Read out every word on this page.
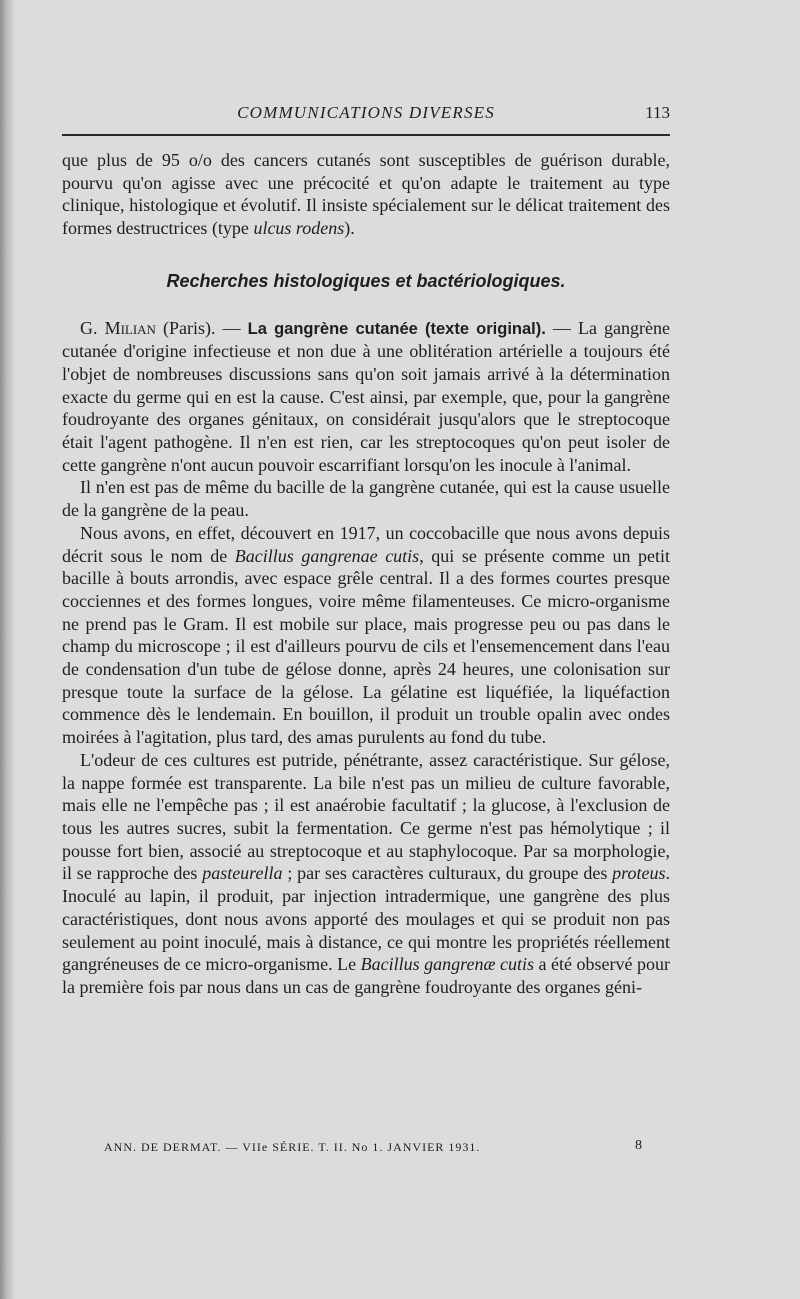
COMMUNICATIONS DIVERSES	113

que plus de 95 o/o des cancers cutanés sont susceptibles de guérison durable, pourvu qu'on agisse avec une précocité et qu'on adapte le traitement au type clinique, histologique et évolutif. Il insiste spécialement sur le délicat traitement des formes destructrices (type ulcus rodens).

Recherches histologiques et bactériologiques.

G. Milian (Paris). — La gangrène cutanée (texte original). — La gangrène cutanée d'origine infectieuse et non due à une oblitération artérielle a toujours été l'objet de nombreuses discussions sans qu'on soit jamais arrivé à la détermination exacte du germe qui en est la cause. C'est ainsi, par exemple, que, pour la gangrène foudroyante des organes génitaux, on considérait jusqu'alors que le streptocoque était l'agent pathogène. Il n'en est rien, car les streptocoques qu'on peut isoler de cette gangrène n'ont aucun pouvoir escarrifiant lorsqu'on les inocule à l'animal.

Il n'en est pas de même du bacille de la gangrène cutanée, qui est la cause usuelle de la gangrène de la peau.

Nous avons, en effet, découvert en 1917, un coccobacille que nous avons depuis décrit sous le nom de Bacillus gangrenae cutis, qui se présente comme un petit bacille à bouts arrondis, avec espace grêle central. Il a des formes courtes presque cocciennes et des formes longues, voire même filamenteuses. Ce micro-organisme ne prend pas le Gram. Il est mobile sur place, mais progresse peu ou pas dans le champ du microscope ; il est d'ailleurs pourvu de cils et l'ensemencement dans l'eau de condensation d'un tube de gélose donne, après 24 heures, une colonisation sur presque toute la surface de la gélose. La gélatine est liquéfiée, la liquéfaction commence dès le lendemain. En bouillon, il produit un trouble opalin avec ondes moirées à l'agitation, plus tard, des amas purulents au fond du tube.

L'odeur de ces cultures est putride, pénétrante, assez caractéristique. Sur gélose, la nappe formée est transparente. La bile n'est pas un milieu de culture favorable, mais elle ne l'empêche pas ; il est anaérobie facultatif ; la glucose, à l'exclusion de tous les autres sucres, subit la fermentation. Ce germe n'est pas hémolytique ; il pousse fort bien, associé au streptocoque et au staphylocoque. Par sa morphologie, il se rapproche des pasteurella ; par ses caractères culturaux, du groupe des proteus. Inoculé au lapin, il produit, par injection intradermique, une gangrène des plus caractéristiques, dont nous avons apporté des moulages et qui se produit non pas seulement au point inoculé, mais à distance, ce qui montre les propriétés réellement gangréneuses de ce micro-organisme. Le Bacillus gangrenæ cutis a été observé pour la première fois par nous dans un cas de gangrène foudroyante des organes géni-

ANN. DE DERMAT. — VIIe SÉRIE. T. II. No 1. JANVIER 1931.	8
